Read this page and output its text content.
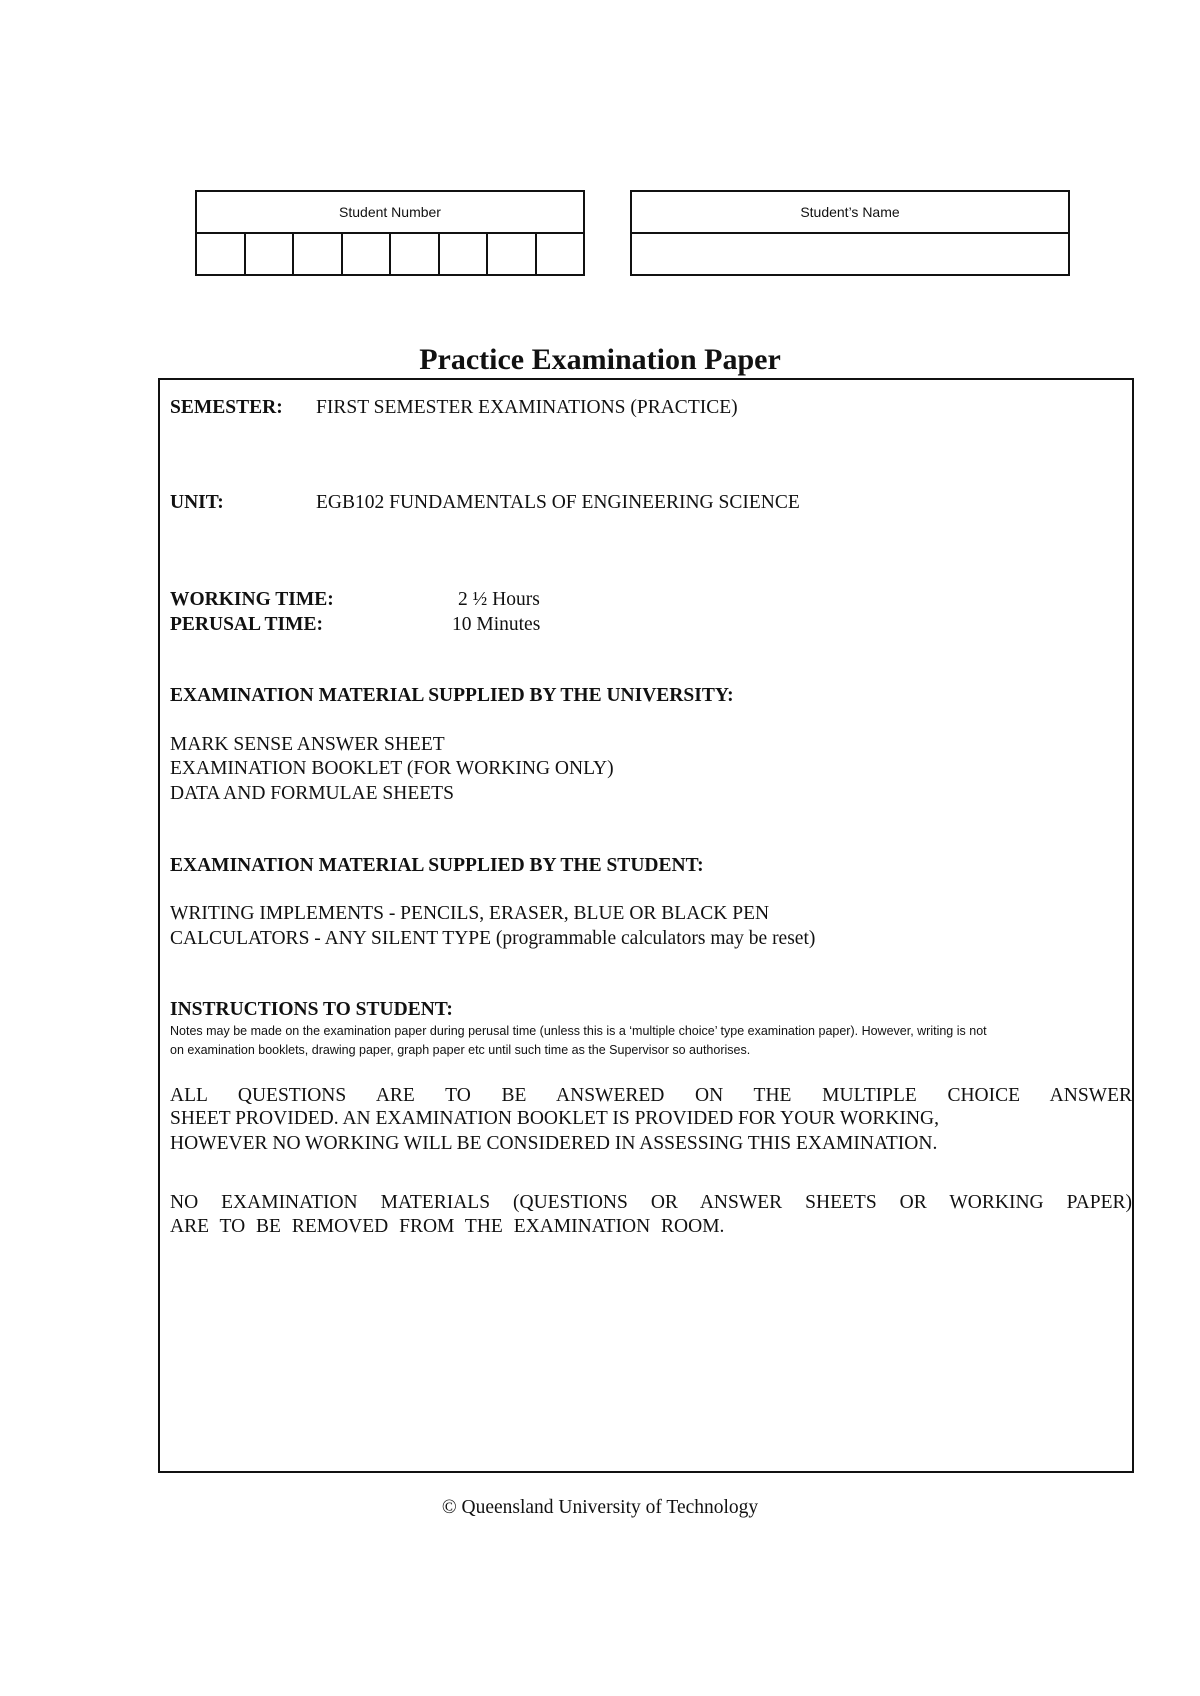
Student Number	Student’s Name
Practice Examination Paper
SEMESTER: FIRST SEMESTER EXAMINATIONS (PRACTICE)
UNIT:	EGB102 FUNDAMENTALS OF ENGINEERING SCIENCE
WORKING TIME:	2 ½ Hours
PERUSAL TIME:	10 Minutes
EXAMINATION MATERIAL SUPPLIED BY THE UNIVERSITY:
MARK SENSE ANSWER SHEET
EXAMINATION BOOKLET (FOR WORKING ONLY)
DATA AND FORMULAE SHEETS
EXAMINATION MATERIAL SUPPLIED BY THE STUDENT:
WRITING IMPLEMENTS - PENCILS, ERASER, BLUE OR BLACK PEN
CALCULATORS - ANY SILENT TYPE (programmable calculators may be reset)
INSTRUCTIONS TO STUDENT:
Notes may be made on the examination paper during perusal time (unless this is a ‘multiple choice’ type examination paper). However, writing is not
on examination booklets, drawing paper, graph paper etc until such time as the Supervisor so authorises.
ALL QUESTIONS ARE TO BE ANSWERED ON THE MULTIPLE CHOICE ANSWER
SHEET PROVIDED. AN EXAMINATION BOOKLET IS PROVIDED FOR YOUR WORKING,
HOWEVER NO WORKING WILL BE CONSIDERED IN ASSESSING THIS EXAMINATION.
NO EXAMINATION MATERIALS (QUESTIONS OR ANSWER SHEETS OR WORKING PAPER)
ARE TO BE REMOVED FROM THE EXAMINATION ROOM.
© Queensland University of Technology
